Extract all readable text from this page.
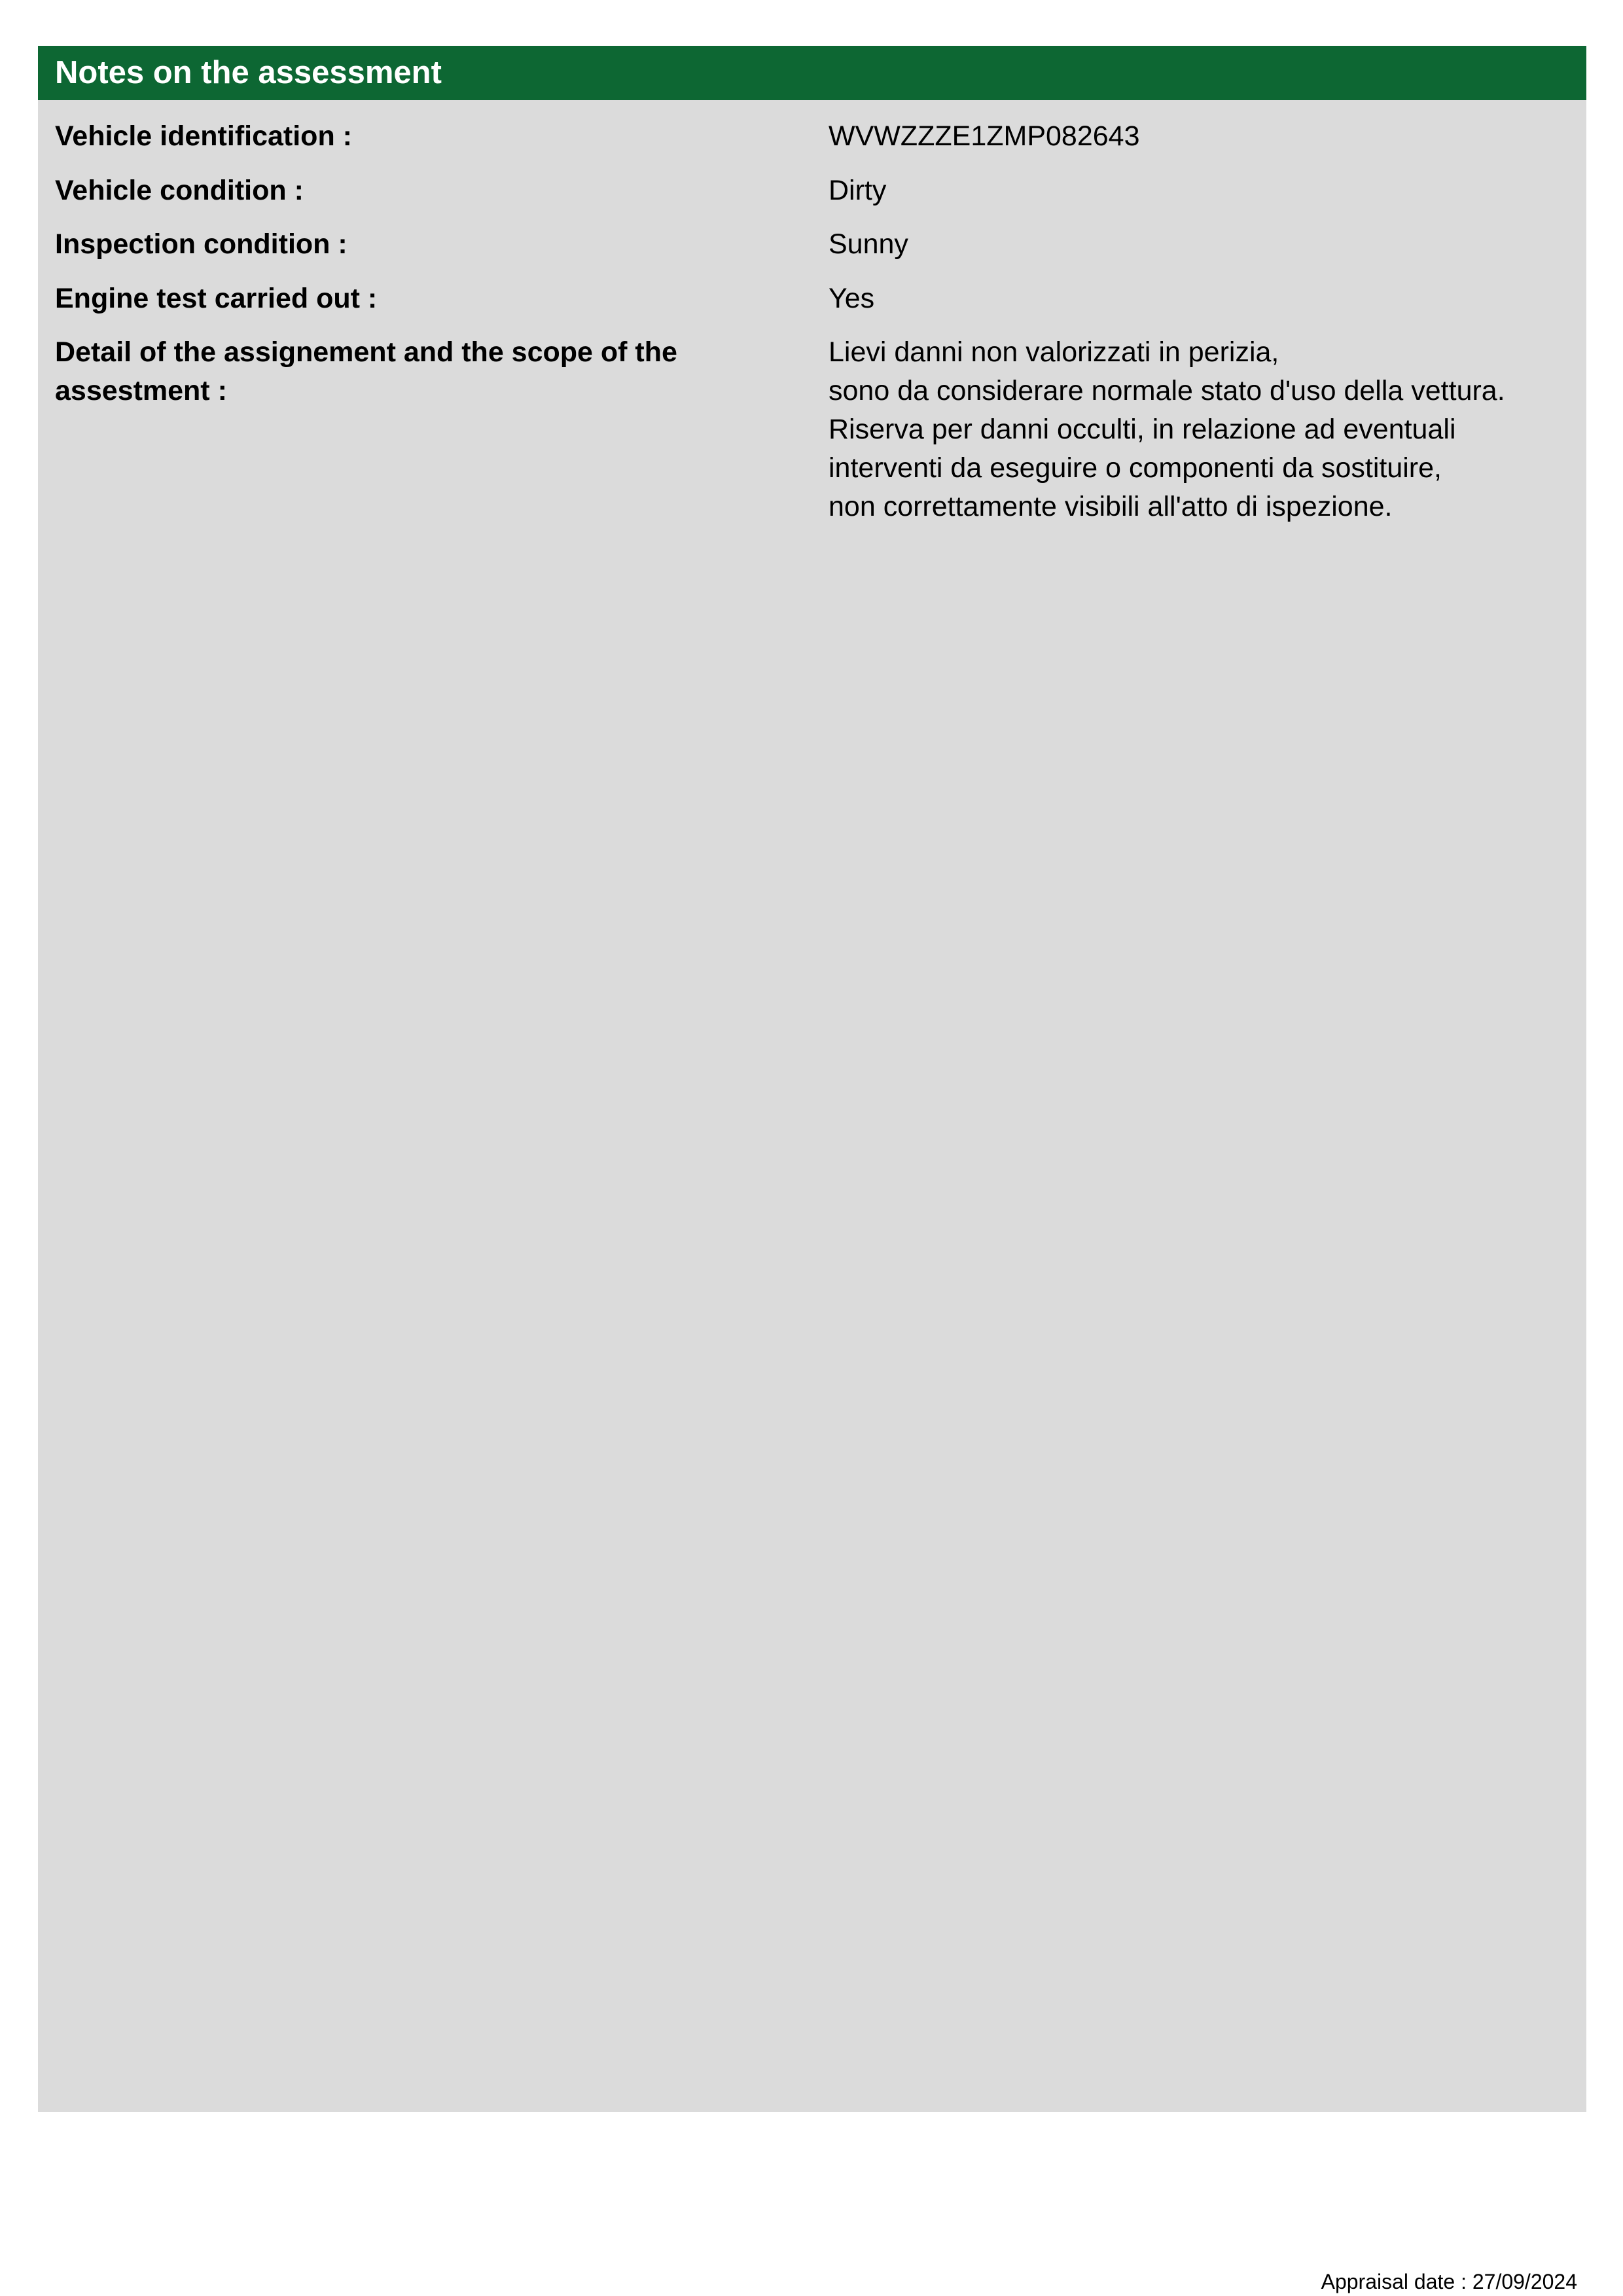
Notes on the assessment
Vehicle identification :	WVWZZZE1ZMP082643
Vehicle condition :	Dirty
Inspection condition :	Sunny
Engine test carried out :	Yes
Detail of the assignement and the scope of the assestment :
Lievi danni non valorizzati in perizia,
sono da considerare normale stato d'uso della vettura.
Riserva per danni occulti, in relazione ad eventuali
interventi da eseguire o componenti da sostituire,
non correttamente visibili all'atto di ispezione.
Appraisal date : 27/09/2024
